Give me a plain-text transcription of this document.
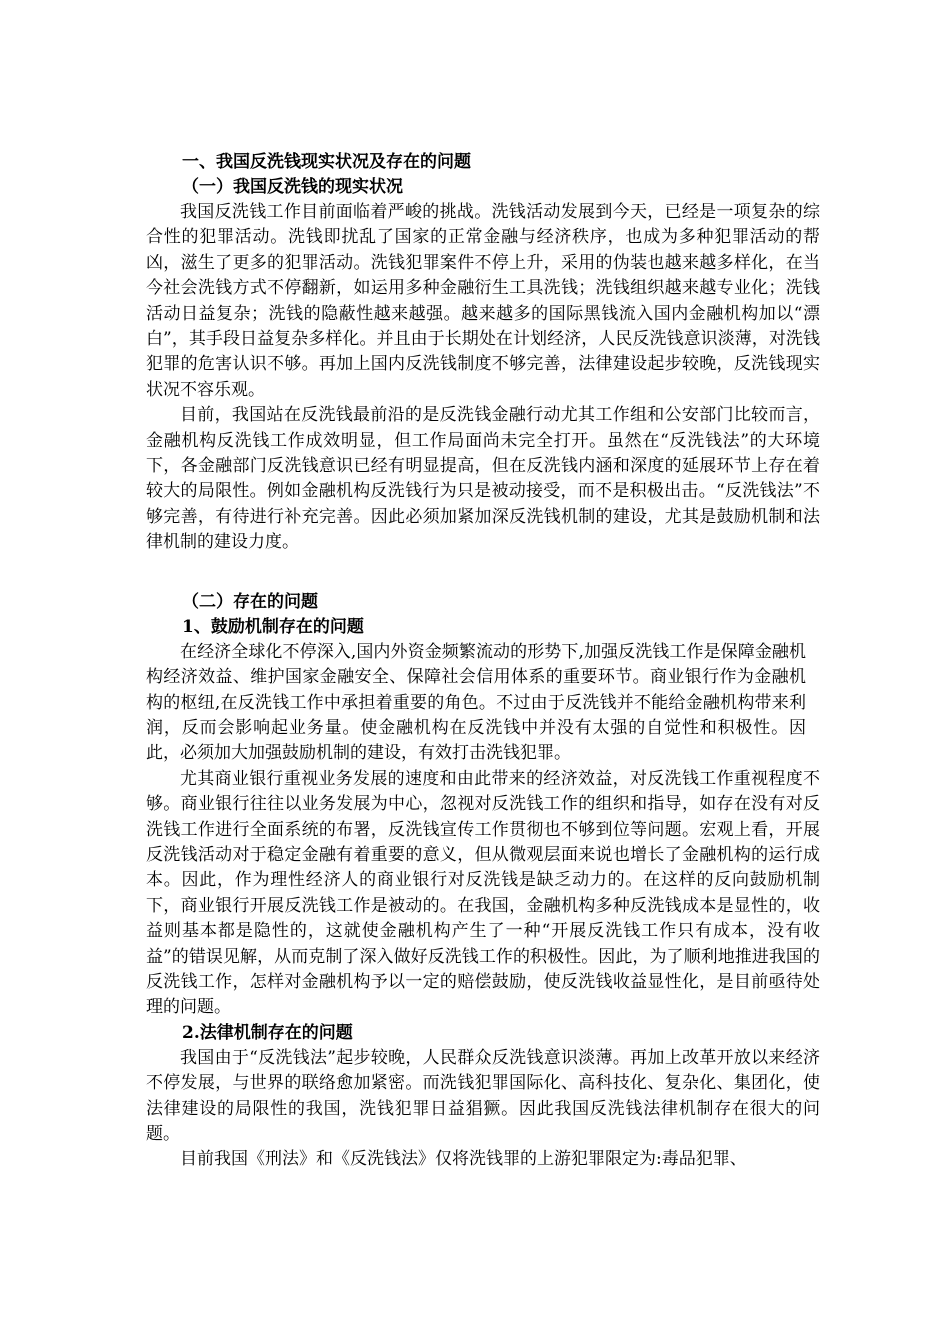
一、我国反洗钱现实状况及存在的问题

（一）我国反洗钱的现实状况

我国反洗钱工作目前面临着严峻的挑战。洗钱活动发展到今天，已经是一项复杂的综合性的犯罪活动。洗钱即扰乱了国家的正常金融与经济秩序，也成为多种犯罪活动的帮凶，滋生了更多的犯罪活动。洗钱犯罪案件不停上升，采用的伪装也越来越多样化，在当今社会洗钱方式不停翻新，如运用多种金融衍生工具洗钱；洗钱组织越来越专业化；洗钱活动日益复杂；洗钱的隐蔽性越来越强。越来越多的国际黑钱流入国内金融机构加以“漂白”，其手段日益复杂多样化。并且由于长期处在计划经济，人民反洗钱意识淡薄，对洗钱犯罪的危害认识不够。再加上国内反洗钱制度不够完善，法律建设起步较晚，反洗钱现实状况不容乐观。

目前，我国站在反洗钱最前沿的是反洗钱金融行动尤其工作组和公安部门比较而言，金融机构反洗钱工作成效明显，但工作局面尚未完全打开。虽然在“反洗钱法”的大环境下，各金融部门反洗钱意识已经有明显提高，但在反洗钱内涵和深度的延展环节上存在着较大的局限性。例如金融机构反洗钱行为只是被动接受，而不是积极出击。“反洗钱法”不够完善，有待进行补充完善。因此必须加紧加深反洗钱机制的建设，尤其是鼓励机制和法律机制的建设力度。

（二）存在的问题

1、鼓励机制存在的问题

在经济全球化不停深入,国内外资金频繁流动的形势下,加强反洗钱工作是保障金融机构经济效益、维护国家金融安全、保障社会信用体系的重要环节。商业银行作为金融机构的枢纽,在反洗钱工作中承担着重要的角色。不过由于反洗钱并不能给金融机构带来利润，反而会影响起业务量。使金融机构在反洗钱中并没有太强的自觉性和积极性。因此，必须加大加强鼓励机制的建设，有效打击洗钱犯罪。

尤其商业银行重视业务发展的速度和由此带来的经济效益，对反洗钱工作重视程度不够。商业银行往往以业务发展为中心，忽视对反洗钱工作的组织和指导，如存在没有对反洗钱工作进行全面系统的布署，反洗钱宣传工作贯彻也不够到位等问题。宏观上看，开展反洗钱活动对于稳定金融有着重要的意义，但从微观层面来说也增长了金融机构的运行成本。因此，作为理性经济人的商业银行对反洗钱是缺乏动力的。在这样的反向鼓励机制下，商业银行开展反洗钱工作是被动的。在我国，金融机构多种反洗钱成本是显性的，收益则基本都是隐性的，这就使金融机构产生了一种“开展反洗钱工作只有成本，没有收益”的错误见解，从而克制了深入做好反洗钱工作的积极性。因此，为了顺利地推进我国的反洗钱工作，怎样对金融机构予以一定的赔偿鼓励，使反洗钱收益显性化，是目前亟待处理的问题。

2.法律机制存在的问题

我国由于“反洗钱法”起步较晚，人民群众反洗钱意识淡薄。再加上改革开放以来经济不停发展，与世界的联络愈加紧密。而洗钱犯罪国际化、高科技化、复杂化、集团化，使法律建设的局限性的我国，洗钱犯罪日益猖獗。因此我国反洗钱法律机制存在很大的问题。

目前我国《刑法》和《反洗钱法》仅将洗钱罪的上游犯罪限定为:毒品犯罪、
